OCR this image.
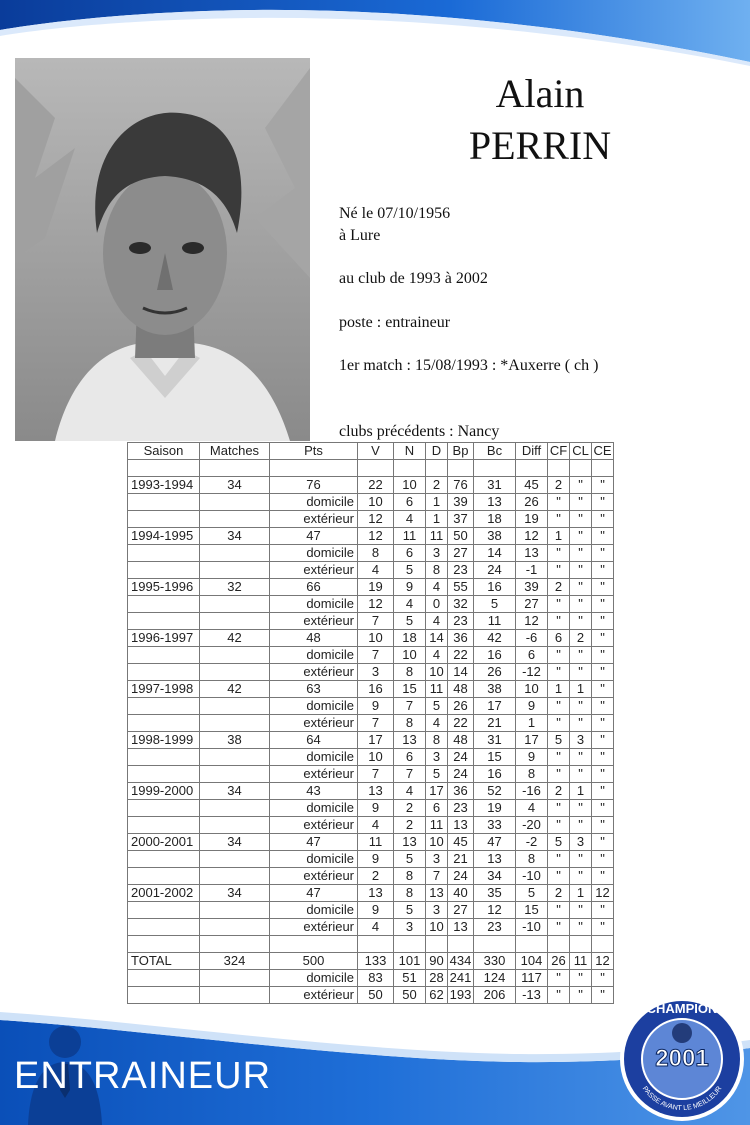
Alain
PERRIN
Né le 07/10/1956
à Lure
au club de 1993 à 2002
poste : entraineur
1er match : 15/08/1993 : *Auxerre ( ch )
clubs précédents : Nancy
Saison	Matches	Pts	V	N	D	Bp	Bc	Diff	CF	CL	CE

1993-1994	34	76	22	10	2	76	31	45	2	"	"
		domicile	10	6	1	39	13	26	"	"	"
		extérieur	12	4	1	37	18	19	"	"	"
1994-1995	34	47	12	11	11	50	38	12	1	"	"
		domicile	8	6	3	27	14	13	"	"	"
		extérieur	4	5	8	23	24	-1	"	"	"
1995-1996	32	66	19	9	4	55	16	39	2	"	"
		domicile	12	4	0	32	5	27	"	"	"
		extérieur	7	5	4	23	11	12	"	"	"
1996-1997	42	48	10	18	14	36	42	-6	6	2	"
		domicile	7	10	4	22	16	6	"	"	"
		extérieur	3	8	10	14	26	-12	"	"	"
1997-1998	42	63	16	15	11	48	38	10	1	1	"
		domicile	9	7	5	26	17	9	"	"	"
		extérieur	7	8	4	22	21	1	"	"	"
1998-1999	38	64	17	13	8	48	31	17	5	3	"
		domicile	10	6	3	24	15	9	"	"	"
		extérieur	7	7	5	24	16	8	"	"	"
1999-2000	34	43	13	4	17	36	52	-16	2	1	"
		domicile	9	2	6	23	19	4	"	"	"
		extérieur	4	2	11	13	33	-20	"	"	"
2000-2001	34	47	11	13	10	45	47	-2	5	3	"
		domicile	9	5	3	21	13	8	"	"	"
		extérieur	2	8	7	24	34	-10	"	"	"
2001-2002	34	47	13	8	13	40	35	5	2	1	12
		domicile	9	5	3	27	12	15	"	"	"
		extérieur	4	3	10	13	23	-10	"	"	"

TOTAL	324	500	133	101	90	434	330	104	26	11	12
		domicile	83	51	28	241	124	117	"	"	"
		extérieur	50	50	62	193	206	-13	"	"	"
ENTRAINEUR
CHAMPION
2001
PASSE AVANT LE MEILLEUR
